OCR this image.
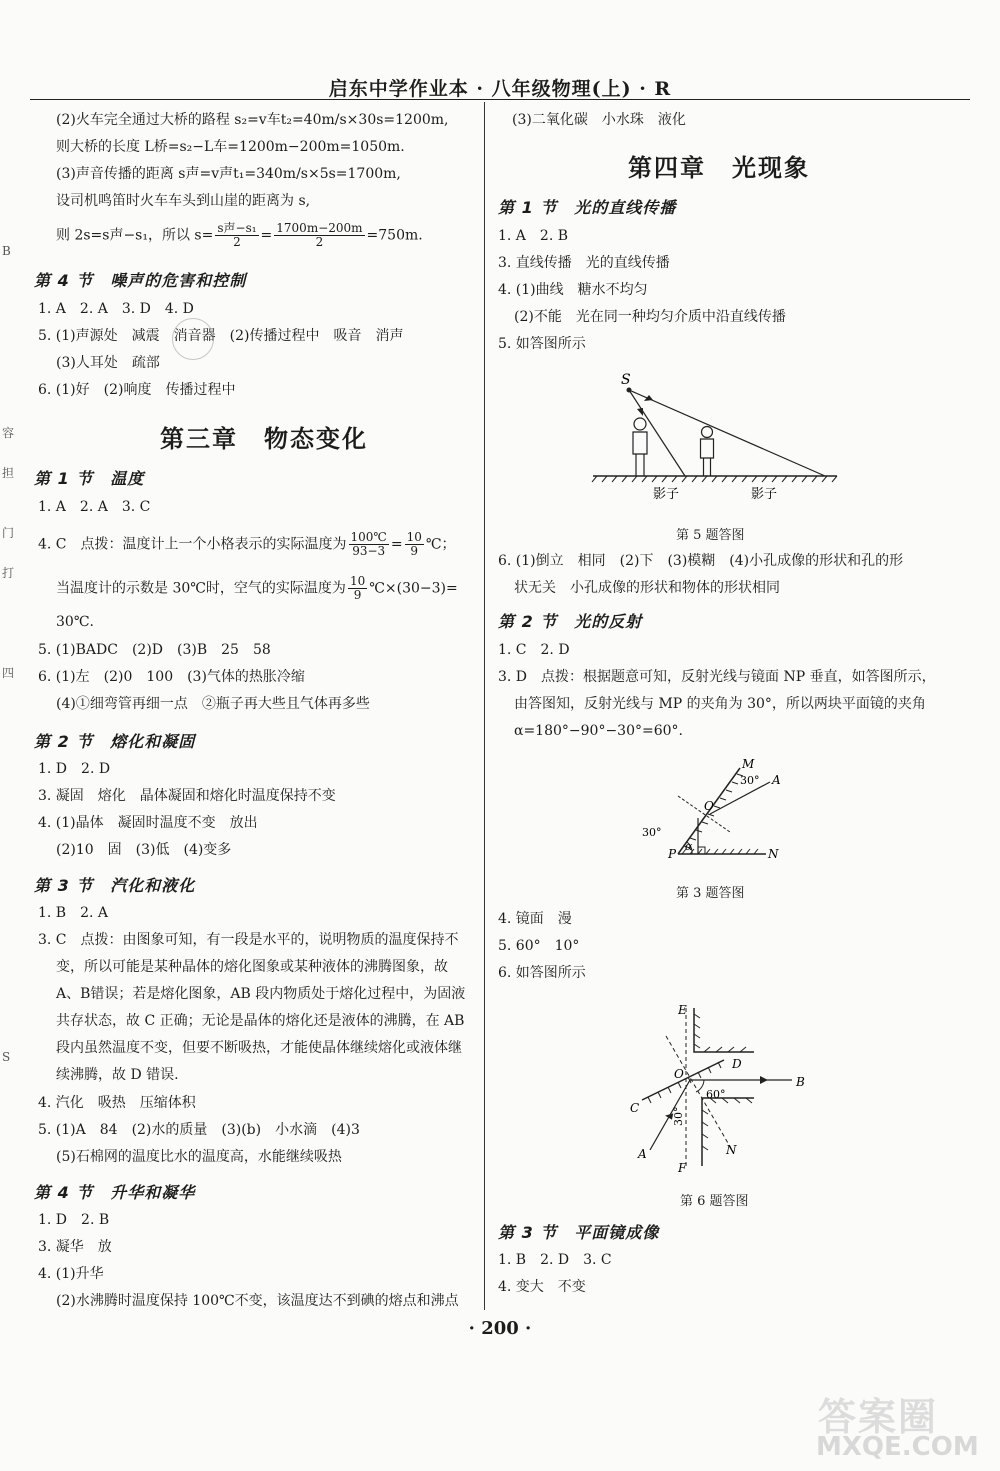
启东中学作业本 · 八年级物理(上) · R
B
容
担
门
打
四
S
(2)火车完全通过大桥的路程 s₂=v车t₂=40m/s×30s=1200m,
则大桥的长度 L桥=s₂−L车=1200m−200m=1050m.
(3)声音传播的距离 s声=v声t₁=340m/s×5s=1700m,
设司机鸣笛时火车车头到山崖的距离为 s,
则 2s=s声−s₁，所以 $s= \frac{\text{s声−s₁}}{2} = \frac{1700m-200m}{2} =750m$.
第 4 节　噪声的危害和控制
1. A　2. A　3. D　4. D
5. (1)声源处　减震　消音器　(2)传播过程中　吸音　消声
(3)人耳处　疏部
6. (1)好　(2)响度　传播过程中
第三章　物态变化
第 1 节　温度
1. A　2. A　3. C
4. C　点拨：温度计上一个小格表示的实际温度为 $\frac{100℃}{93-3} = \frac{10}{9}$ ℃；
当温度计的示数是 30℃时，空气的实际温度为 $\frac{10}{9}$ ℃×(30−3)=
30℃.
5. (1)BADC　(2)D　(3)B　25　58
6. (1)左　(2)0　100　(3)气体的热胀冷缩
(4)①细弯管再细一点　②瓶子再大些且气体再多些
第 2 节　熔化和凝固
1. D　2. D
3. 凝固　熔化　晶体凝固和熔化时温度保持不变
4. (1)晶体　凝固时温度不变　放出
(2)10　固　(3)低　(4)变多
第 3 节　汽化和液化
1. B　2. A
3. C　点拨：由图象可知，有一段是水平的，说明物质的温度保持不
变，所以可能是某种晶体的熔化图象或某种液体的沸腾图象，故
A、B错误；若是熔化图象，AB 段内物质处于熔化过程中，为固液
共存状态，故 C 正确；无论是晶体的熔化还是液体的沸腾，在 AB
段内虽然温度不变，但要不断吸热，才能使晶体继续熔化或液体继
续沸腾，故 D 错误.
4. 汽化　吸热　压缩体积
5. (1)A　84　(2)水的质量　(3)(b)　小水滴　(4)3
(5)石棉网的温度比水的温度高，水能继续吸热
第 4 节　升华和凝华
1. D　2. B
3. 凝华　放
4. (1)升华
(2)水沸腾时温度保持 100℃不变，该温度达不到碘的熔点和沸点
(3)二氧化碳　小水珠　液化
第四章　光现象
第 1 节　光的直线传播
1. A　2. B
3. 直线传播　光的直线传播
4. (1)曲线　糖水不均匀
(2)不能　光在同一种均匀介质中沿直线传播
5. 如答图所示
S
影子	影子
第 5 题答图
6. (1)倒立　相同　(2)下　(3)模糊　(4)小孔成像的形状和孔的形
状无关　小孔成像的形状和物体的形状相同
第 2 节　光的反射
1. C　2. D
3. D　点拨：根据题意可知，反射光线与镜面 NP 垂直，如答图所示，
由答图知，反射光线与 MP 的夹角为 30°，所以两块平面镜的夹角
α=180°−90°−30°=60°.
M
A
O
P	N
α
30°
30°
第 3 题答图
4. 镜面　漫
5. 60°　10°
6. 如答图所示
E
O
D
B
C
A
F
N
60°
30°
第 6 题答图
第 3 节　平面镜成像
1. B　2. D　3. C
4. 变大　不变
· 200 ·
答案圈
MXQE.COM
